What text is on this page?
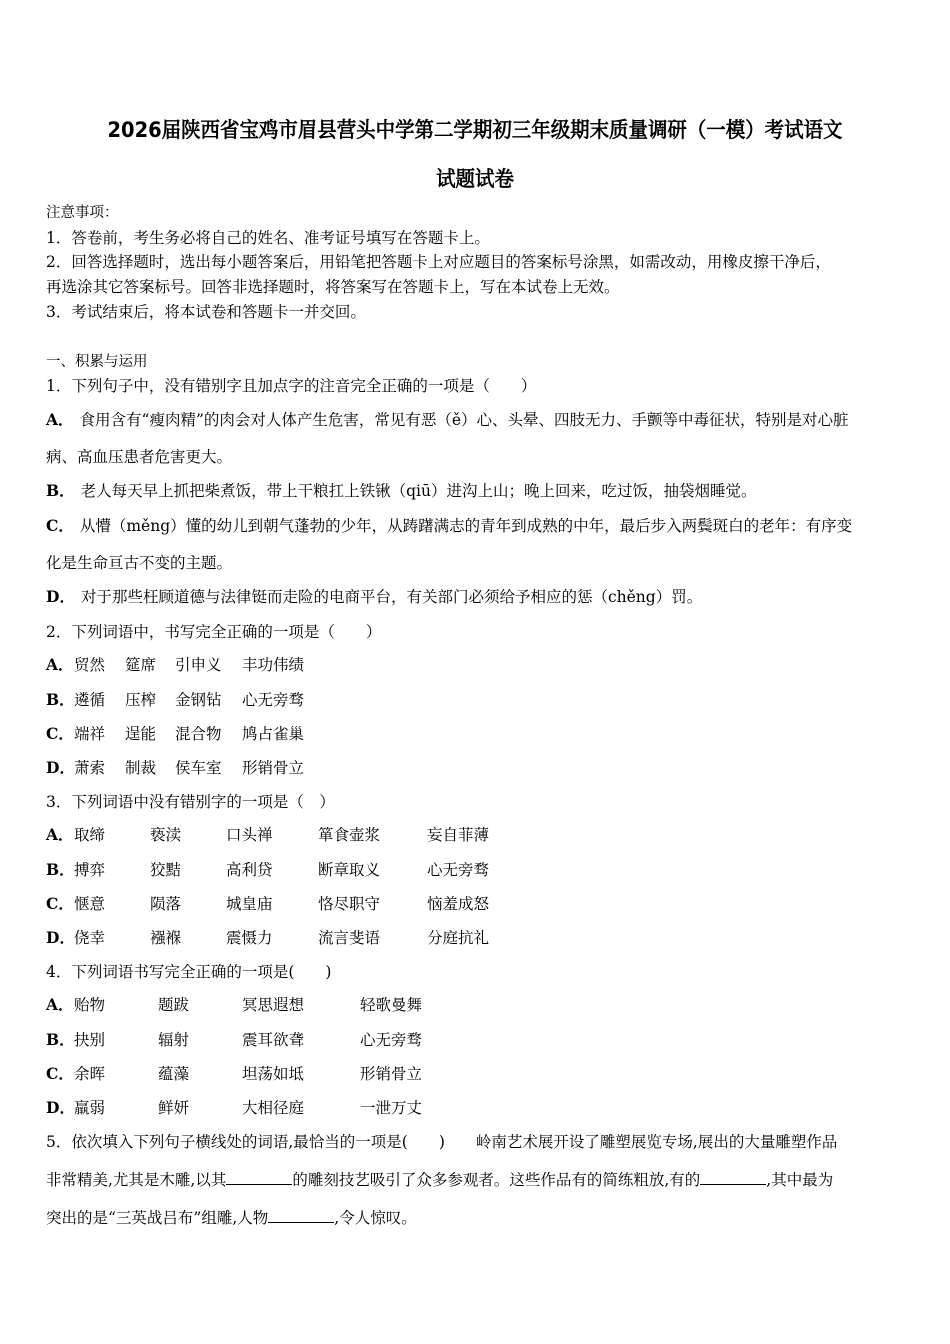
2026届陕西省宝鸡市眉县营头中学第二学期初三年级期末质量调研（一模）考试语文
试题试卷
注意事项：
1．答卷前，考生务必将自己的姓名、准考证号填写在答题卡上。
2．回答选择题时，选出每小题答案后，用铅笔把答题卡上对应题目的答案标号涂黑，如需改动，用橡皮擦干净后，
再选涂其它答案标号。回答非选择题时，将答案写在答题卡上，写在本试卷上无效。
3．考试结束后，将本试卷和答题卡一并交回。
一、积累与运用
1．下列句子中，没有错别字且加点字的注音完全正确的一项是（　　）
A． 食用含有“瘦肉精”的肉会对人体产生危害，常见有恶（ě）心、头晕、四肢无力、手颤等中毒征状，特别是对心脏
病、高血压患者危害更大。
B． 老人每天早上抓把柴煮饭，带上干粮扛上铁锹（qiū）进沟上山；晚上回来，吃过饭，抽袋烟睡觉。
C． 从懵（měng）懂的幼儿到朝气蓬勃的少年，从踌躇满志的青年到成熟的中年，最后步入两鬓斑白的老年：有序变
化是生命亘古不变的主题。
D． 对于那些枉顾道德与法律铤而走险的电商平台，有关部门必须给予相应的惩（chěng）罚。
2．下列词语中，书写完全正确的一项是（　　）
A． 贸然 筵席 引申义 丰功伟绩
B． 遴循 压榨 金钢钻 心无旁骛
C． 端祥 逞能 混合物 鸠占雀巢
D． 萧索 制裁 侯车室 形销骨立
3．下列词语中没有错别字的一项是（　）
A． 取缔	亵渎	口头禅	箪食壶浆	妄自菲薄
B． 搏弈	狡黠	高利贷	断章取义	心无旁骛
C． 惬意	陨落	城皇庙	恪尽职守	恼羞成怒
D． 侥幸	襁褓	震慑力	流言斐语	分庭抗礼
4．下列词语书写完全正确的一项是(　　)
A． 贻物	题跋	冥思遐想	轻歌曼舞
B． 抉别	辐射	震耳欲聋	心无旁骛
C． 余晖	蕴藻	坦荡如坻	形销骨立
D． 羸弱	鲜妍	大相径庭	一泄万丈
5．依次填入下列句子横线处的词语,最恰当的一项是(　　)　　岭南艺术展开设了雕塑展览专场,展出的大量雕塑作品
非常精美,尤其是木雕,以其	的雕刻技艺吸引了众多参观者。这些作品有的简练粗放,有的	,其中最为
突出的是“三英战吕布”组雕,人物	,令人惊叹。
